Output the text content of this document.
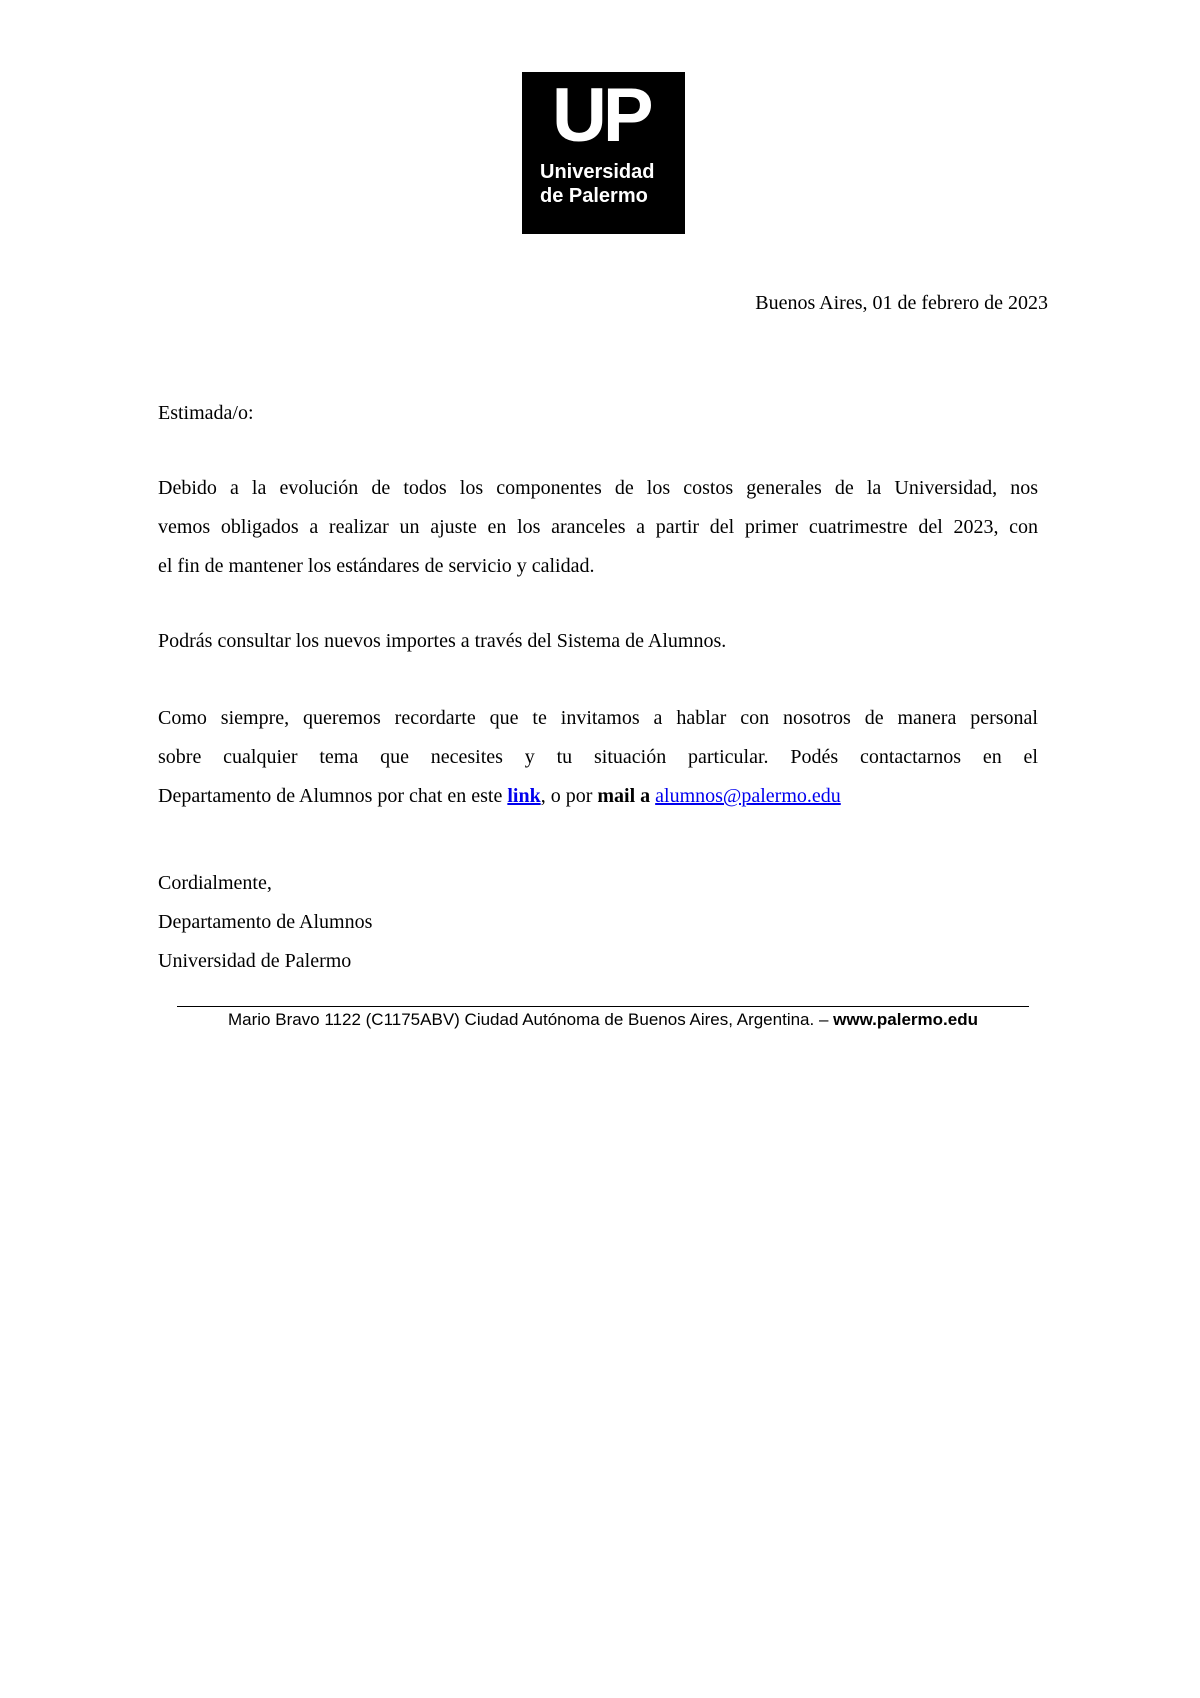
UP
Universidad
de Palermo
Buenos Aires, 01 de febrero de 2023
Estimada/o:
Debido a la evolución de todos los componentes de los costos generales de la Universidad, nos
vemos obligados a realizar un ajuste en los aranceles a partir del primer cuatrimestre del 2023, con
el fin de mantener los estándares de servicio y calidad.
Podrás consultar los nuevos importes a través del Sistema de Alumnos.
Como siempre, queremos recordarte que te invitamos a hablar con nosotros de manera personal
sobre cualquier tema que necesites y tu situación particular. Podés contactarnos en el
Departamento de Alumnos por chat en este link, o por mail a alumnos@palermo.edu
Cordialmente,
Departamento de Alumnos
Universidad de Palermo
Mario Bravo 1122 (C1175ABV) Ciudad Autónoma de Buenos Aires, Argentina. – www.palermo.edu
